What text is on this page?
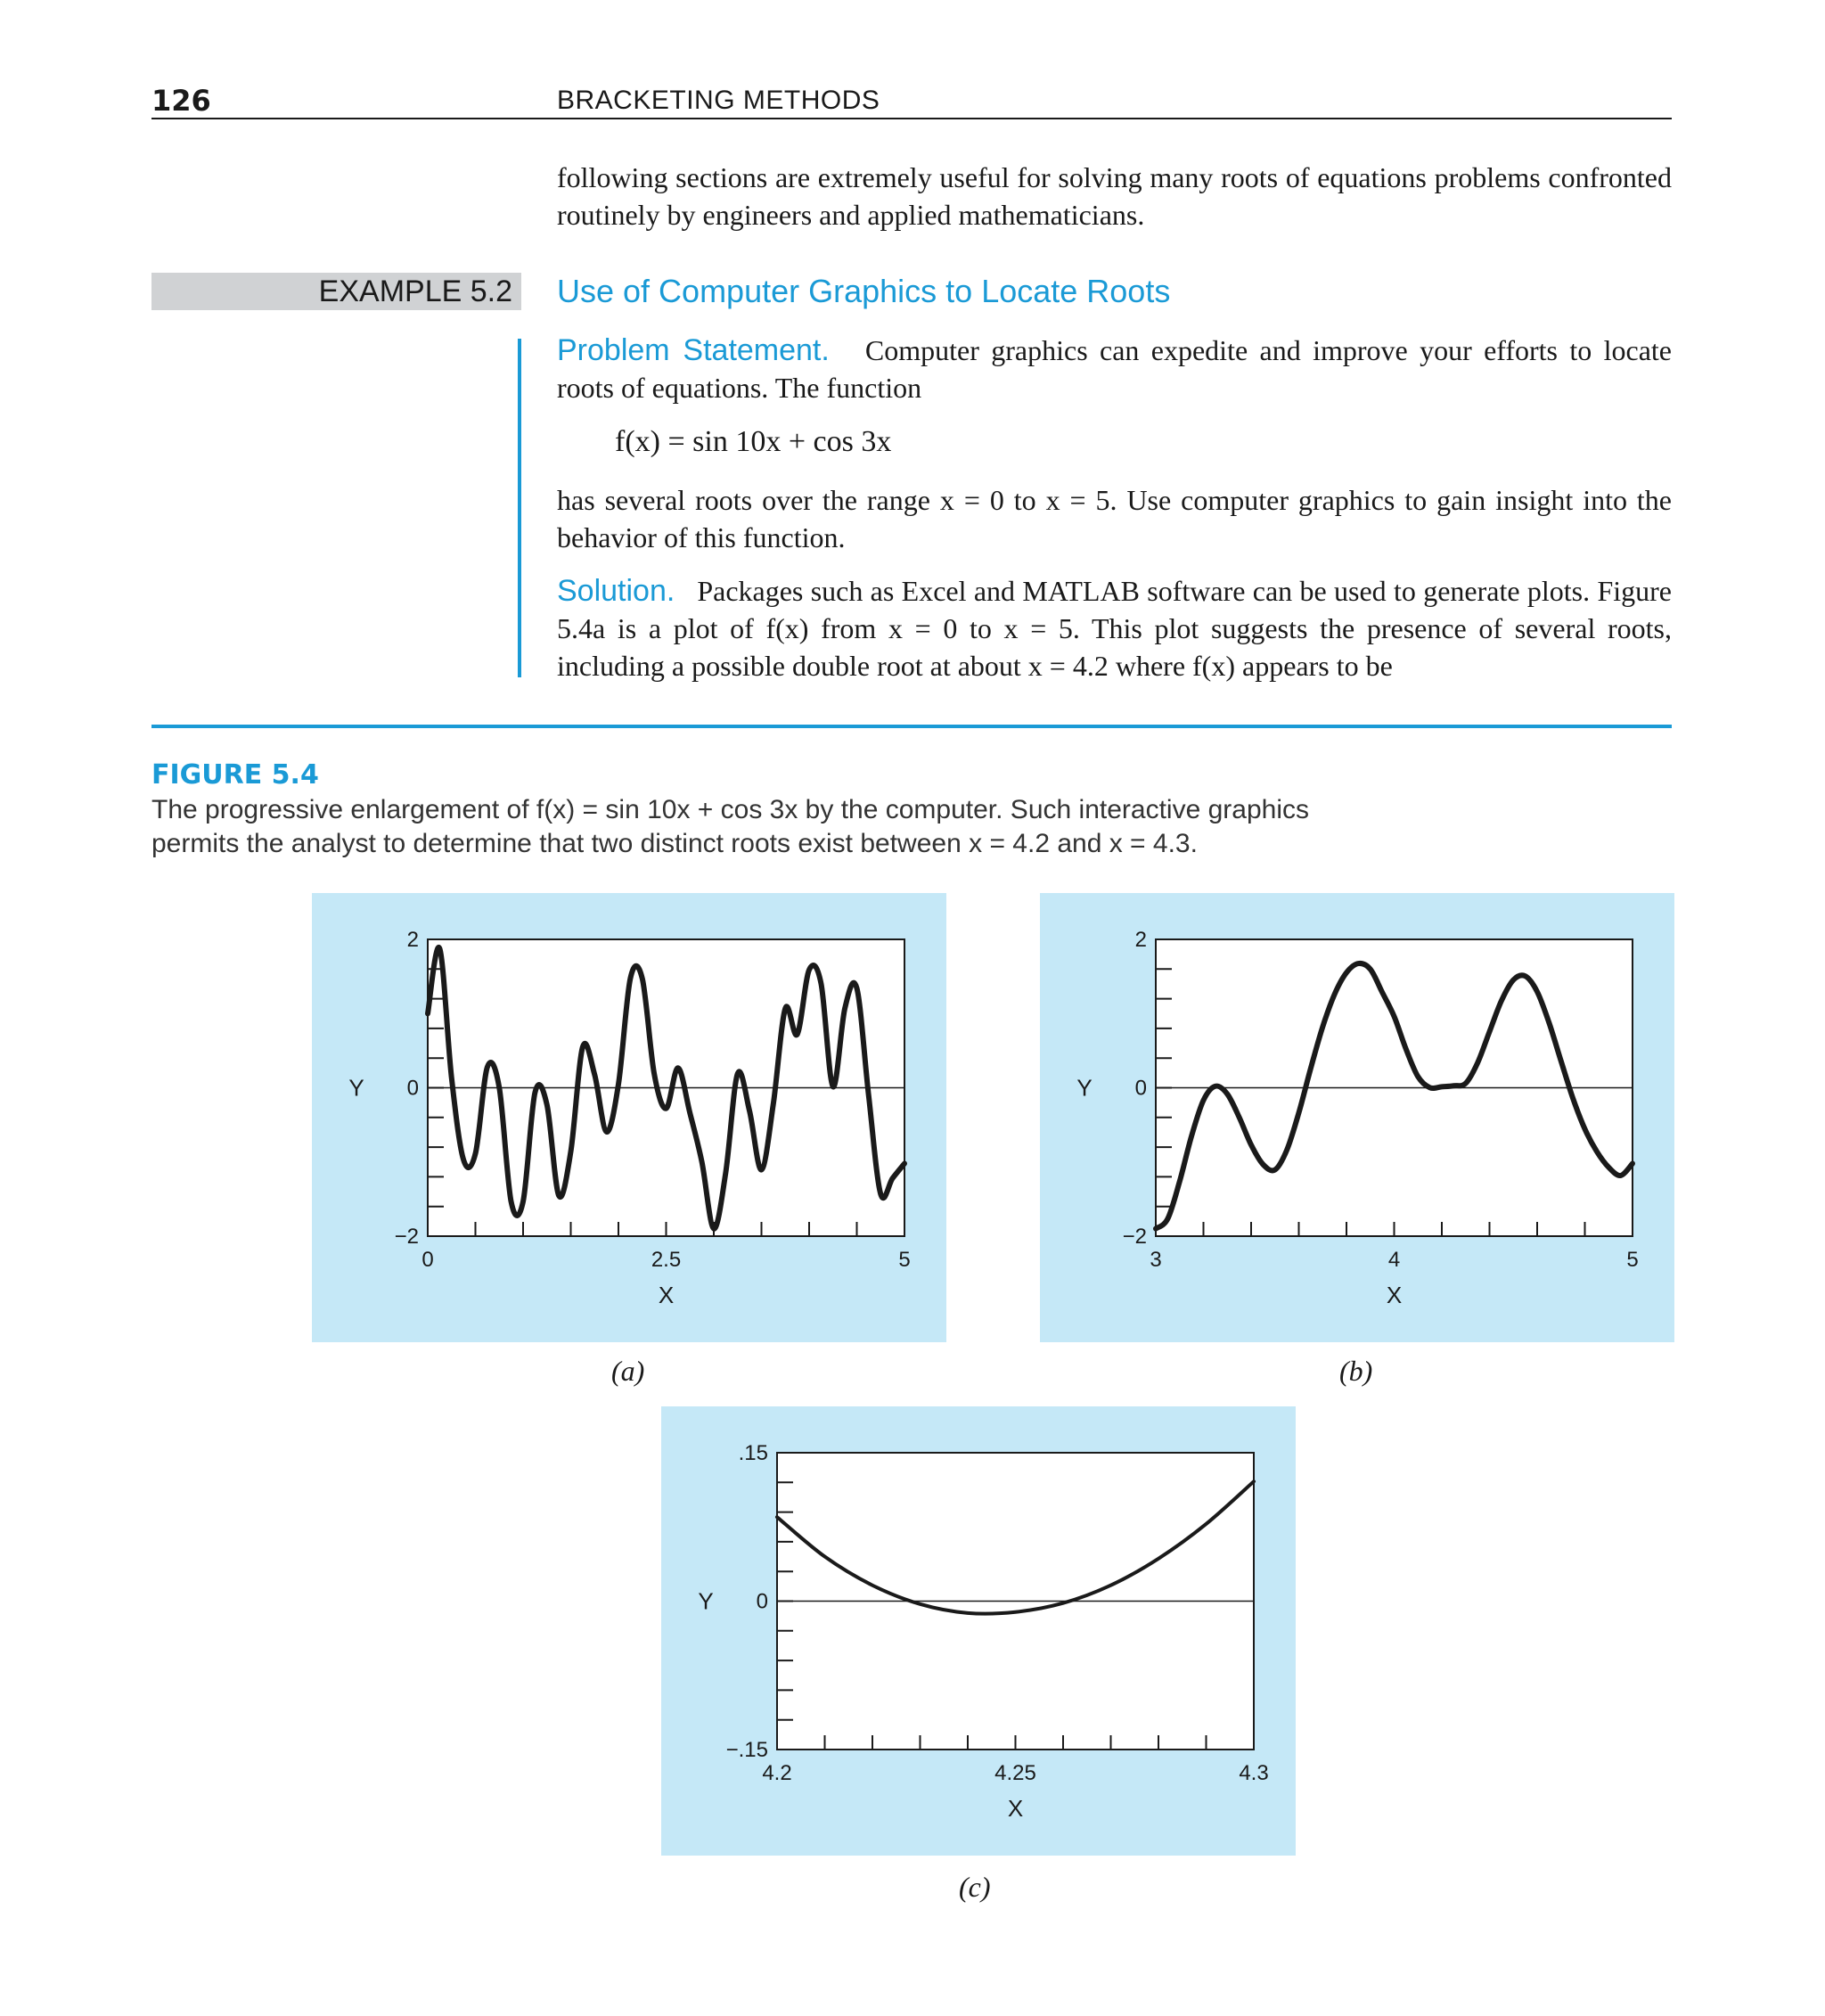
126	BRACKETING METHODS
following sections are extremely useful for solving many roots of equations problems confronted routinely by engineers and applied mathematicians.
EXAMPLE 5.2 Use of Computer Graphics to Locate Roots
Problem Statement. Computer graphics can expedite and improve your efforts to locate roots of equations. The function
f(x) = sin 10x + cos 3x
has several roots over the range x = 0 to x = 5. Use computer graphics to gain insight into the behavior of this function.
Solution. Packages such as Excel and MATLAB software can be used to generate plots. Figure 5.4a is a plot of f(x) from x = 0 to x = 5. This plot suggests the presence of several roots, including a possible double root at about x = 4.2 where f(x) appears to be
FIGURE 5.4
The progressive enlargement of f(x) = sin 10x + cos 3x by the computer. Such interactive graphics
permits the analyst to determine that two distinct roots exist between x = 4.2 and x = 4.3.
0	2.5	5
−2
0
2
X
Y
(a)
3	4	5
−2
0
2
X
Y
(b)
4.2	4.25	4.3
−.15
0
.15
X
Y
(c)
